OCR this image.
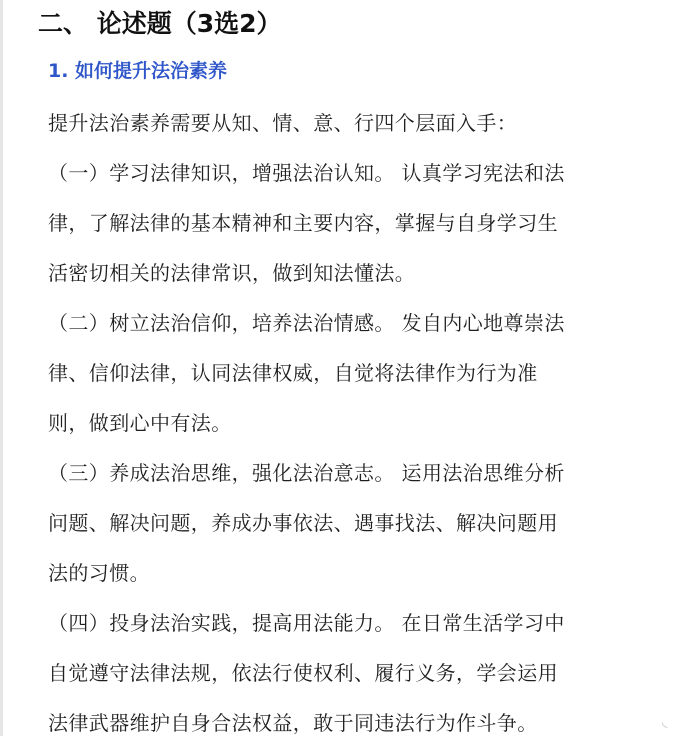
二、 论述题（3选2）
1. 如何提升法治素养

提升法治素养需要从知、情、意、行四个层面入手：

（一）学习法律知识，增强法治认知。 认真学习宪法和法
律，了解法律的基本精神和主要内容，掌握与自身学习生
活密切相关的法律常识，做到知法懂法。

（二）树立法治信仰，培养法治情感。 发自内心地尊崇法
律、信仰法律，认同法律权威，自觉将法律作为行为准
则，做到心中有法。

（三）养成法治思维，强化法治意志。 运用法治思维分析
问题、解决问题，养成办事依法、遇事找法、解决问题用
法的习惯。

（四）投身法治实践，提高用法能力。 在日常生活学习中
自觉遵守法律法规，依法行使权利、履行义务，学会运用
法律武器维护自身合法权益，敢于同违法行为作斗争。	◟
